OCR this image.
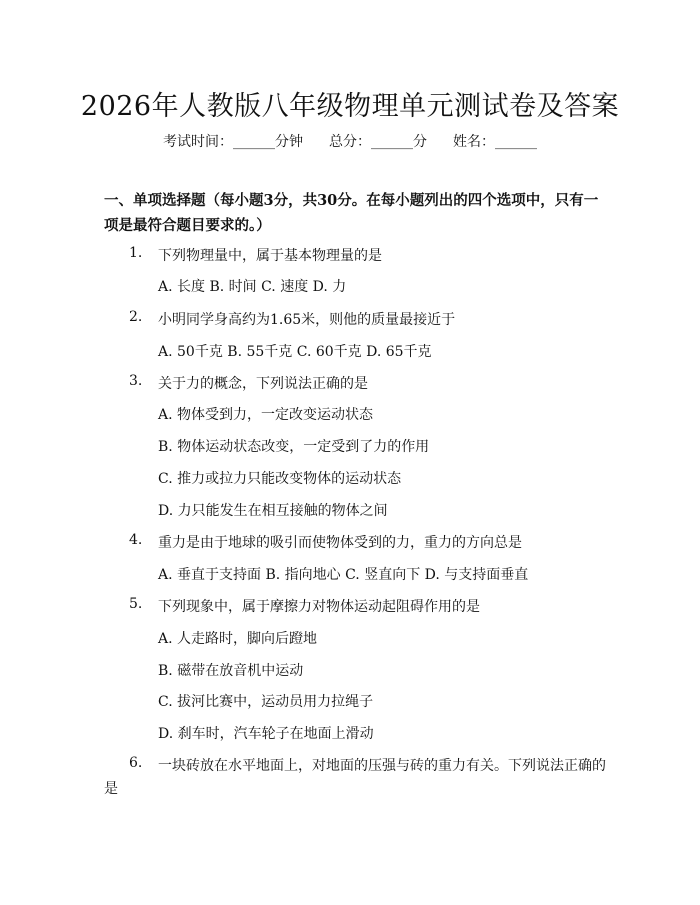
2026年人教版八年级物理单元测试卷及答案
考试时间：______分钟 总分：______分 姓名：______
一、单项选择题（每小题3分，共30分。在每小题列出的四个选项中，只有一项是最符合题目要求的。）
1. 下列物理量中，属于基本物理量的是
A. 长度 B. 时间 C. 速度 D. 力
2. 小明同学身高约为1.65米，则他的质量最接近于
A. 50千克 B. 55千克 C. 60千克 D. 65千克
3. 关于力的概念，下列说法正确的是
A. 物体受到力，一定改变运动状态
B. 物体运动状态改变，一定受到了力的作用
C. 推力或拉力只能改变物体的运动状态
D. 力只能发生在相互接触的物体之间
4. 重力是由于地球的吸引而使物体受到的力，重力的方向总是
A. 垂直于支持面 B. 指向地心 C. 竖直向下 D. 与支持面垂直
5. 下列现象中，属于摩擦力对物体运动起阻碍作用的是
A. 人走路时，脚向后蹬地
B. 磁带在放音机中运动
C. 拔河比赛中，运动员用力拉绳子
D. 刹车时，汽车轮子在地面上滑动
6. 一块砖放在水平地面上，对地面的压强与砖的重力有关。下列说法正确的
是
